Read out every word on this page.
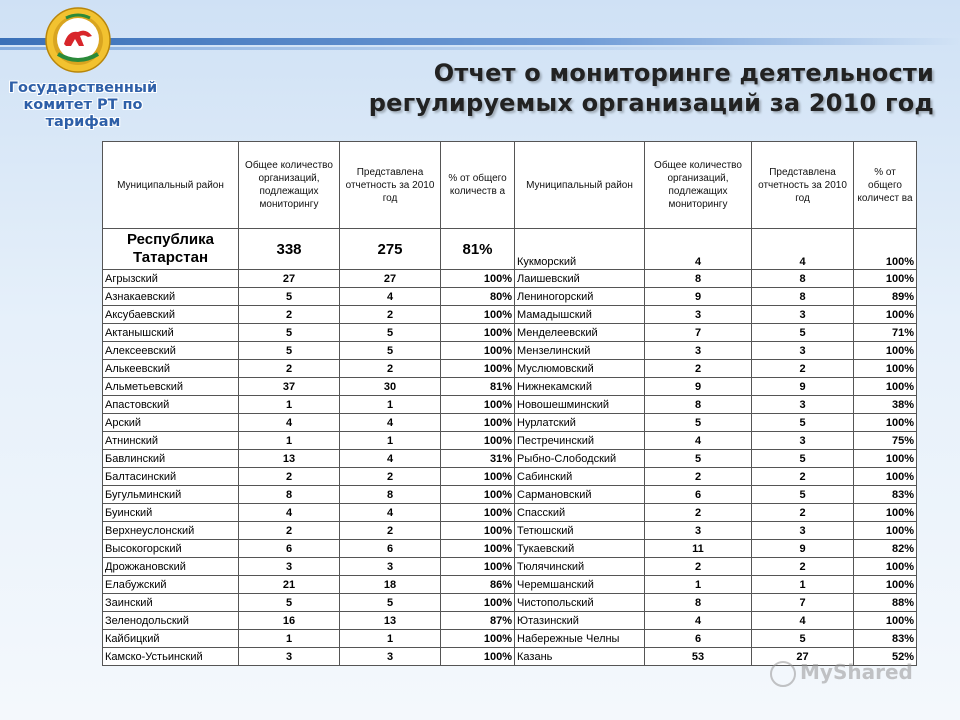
Государственный комитет РТ по тарифам
Отчет о мониторинге деятельности
регулируемых организаций за 2010 год
Муниципальный район	Общее количество организаций, подлежащих мониторингу	Представлена отчетность за 2010 год	% от общего количеств а	Муниципальный район	Общее количество организаций, подлежащих мониторингу	Представлена отчетность за 2010 год	% от общего количест ва
Республика Татарстан	338	275	81%	Кукморский	4	4	100%
Агрызский	27	27	100%	Лаишевский	8	8	100%
Азнакаевский	5	4	80%	Лениногорский	9	8	89%
Аксубаевский	2	2	100%	Мамадышский	3	3	100%
Актанышский	5	5	100%	Менделеевский	7	5	71%
Алексеевский	5	5	100%	Мензелинский	3	3	100%
Алькеевский	2	2	100%	Муслюмовский	2	2	100%
Альметьевский	37	30	81%	Нижнекамский	9	9	100%
Апастовский	1	1	100%	Новошешминский	8	3	38%
Арский	4	4	100%	Нурлатский	5	5	100%
Атнинский	1	1	100%	Пестречинский	4	3	75%
Бавлинский	13	4	31%	Рыбно-Слободский	5	5	100%
Балтасинский	2	2	100%	Сабинский	2	2	100%
Бугульминский	8	8	100%	Сармановский	6	5	83%
Буинский	4	4	100%	Спасский	2	2	100%
Верхнеуслонский	2	2	100%	Тетюшский	3	3	100%
Высокогорский	6	6	100%	Тукаевский	11	9	82%
Дрожжановский	3	3	100%	Тюлячинский	2	2	100%
Елабужский	21	18	86%	Черемшанский	1	1	100%
Заинский	5	5	100%	Чистопольский	8	7	88%
Зеленодольский	16	13	87%	Ютазинский	4	4	100%
Кайбицкий	1	1	100%	Набережные Челны	6	5	83%
Камско-Устьинский	3	3	100%	Казань	53	27	52%
MyShared
